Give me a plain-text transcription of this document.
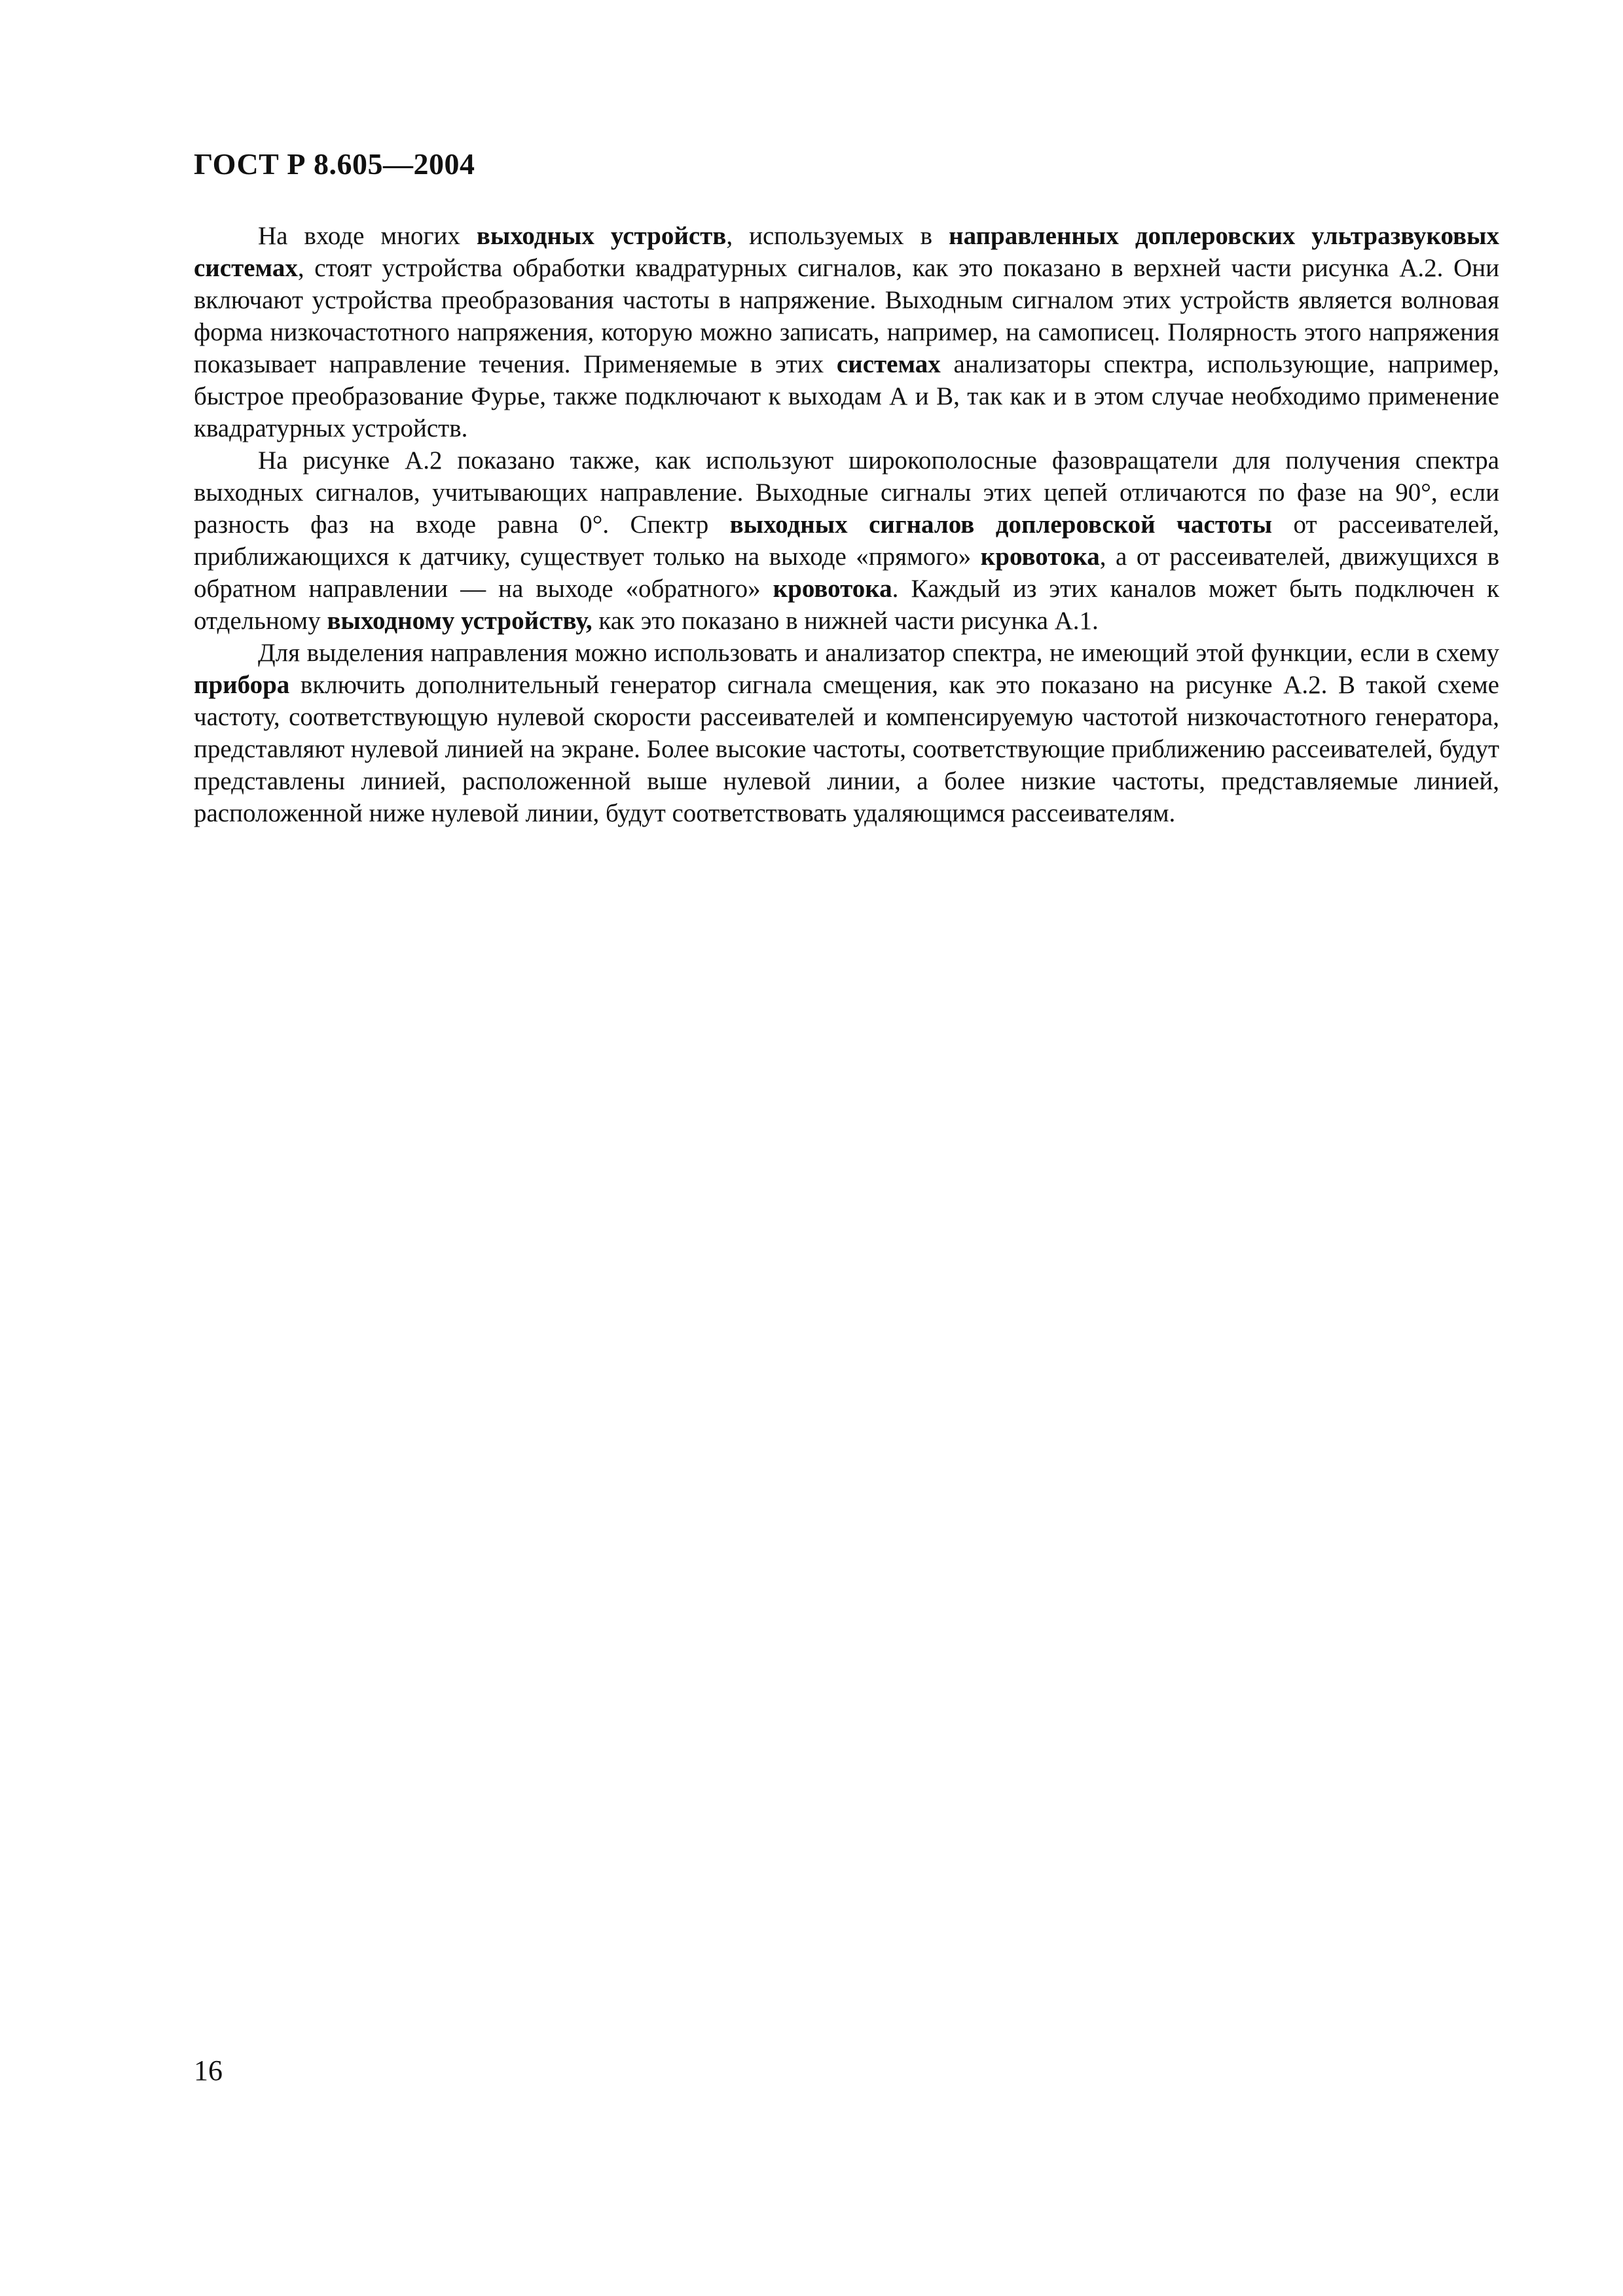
ГОСТ Р 8.605—2004

На входе многих выходных устройств, используемых в направленных доплеровских ультразвуковых системах, стоят устройства обработки квадратурных сигналов, как это показано в верхней части рисунка А.2. Они включают устройства преобразования частоты в напряжение. Выходным сигналом этих устройств является волновая форма низкочастотного напряжения, которую можно записать, например, на самописец. Полярность этого напряжения показывает направление течения. Применяемые в этих системах анализаторы спектра, использующие, например, быстрое преобразование Фурье, также подключают к выходам А и В, так как и в этом случае необходимо применение квадратурных устройств.

На рисунке А.2 показано также, как используют широкополосные фазовращатели для получения спектра выходных сигналов, учитывающих направление. Выходные сигналы этих цепей отличаются по фазе на 90°, если разность фаз на входе равна 0°. Спектр выходных сигналов доплеровской частоты от рассеивателей, приближающихся к датчику, существует только на выходе «прямого» кровотока, а от рассеивателей, движущихся в обратном направлении — на выходе «обратного» кровотока. Каждый из этих каналов может быть подключен к отдельному выходному устройству, как это показано в нижней части рисунка А.1.

Для выделения направления можно использовать и анализатор спектра, не имеющий этой функции, если в схему прибора включить дополнительный генератор сигнала смещения, как это показано на рисунке А.2. В такой схеме частоту, соответствующую нулевой скорости рассеивателей и компенсируемую частотой низкочастотного генератора, представляют нулевой линией на экране. Более высокие частоты, соответствующие приближению рассеивателей, будут представлены линией, расположенной выше нулевой линии, а более низкие частоты, представляемые линией, расположенной ниже нулевой линии, будут соответствовать удаляющимся рассеивателям.

16
